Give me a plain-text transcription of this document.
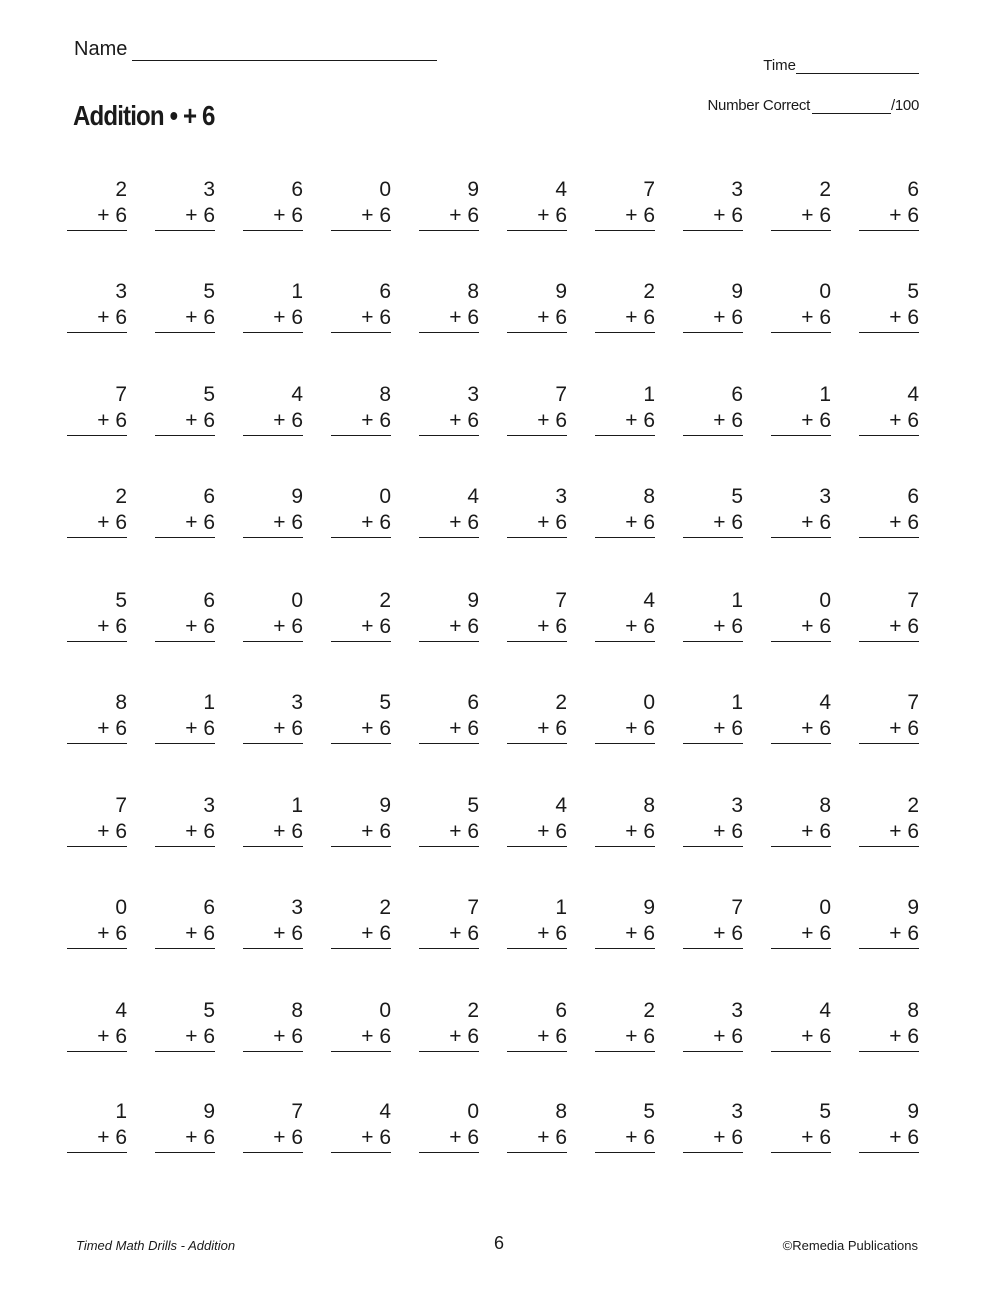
Name
Addition • + 6
Time
Number Correct	/100
2
+ 6
3
+ 6
6
+ 6
0
+ 6
9
+ 6
4
+ 6
7
+ 6
3
+ 6
2
+ 6
6
+ 6
3
+ 6
5
+ 6
1
+ 6
6
+ 6
8
+ 6
9
+ 6
2
+ 6
9
+ 6
0
+ 6
5
+ 6
7
+ 6
5
+ 6
4
+ 6
8
+ 6
3
+ 6
7
+ 6
1
+ 6
6
+ 6
1
+ 6
4
+ 6
2
+ 6
6
+ 6
9
+ 6
0
+ 6
4
+ 6
3
+ 6
8
+ 6
5
+ 6
3
+ 6
6
+ 6
5
+ 6
6
+ 6
0
+ 6
2
+ 6
9
+ 6
7
+ 6
4
+ 6
1
+ 6
0
+ 6
7
+ 6
8
+ 6
1
+ 6
3
+ 6
5
+ 6
6
+ 6
2
+ 6
0
+ 6
1
+ 6
4
+ 6
7
+ 6
7
+ 6
3
+ 6
1
+ 6
9
+ 6
5
+ 6
4
+ 6
8
+ 6
3
+ 6
8
+ 6
2
+ 6
0
+ 6
6
+ 6
3
+ 6
2
+ 6
7
+ 6
1
+ 6
9
+ 6
7
+ 6
0
+ 6
9
+ 6
4
+ 6
5
+ 6
8
+ 6
0
+ 6
2
+ 6
6
+ 6
2
+ 6
3
+ 6
4
+ 6
8
+ 6
1
+ 6
9
+ 6
7
+ 6
4
+ 6
0
+ 6
8
+ 6
5
+ 6
3
+ 6
5
+ 6
9
+ 6
Timed Math Drills - Addition	6	©Remedia Publications
